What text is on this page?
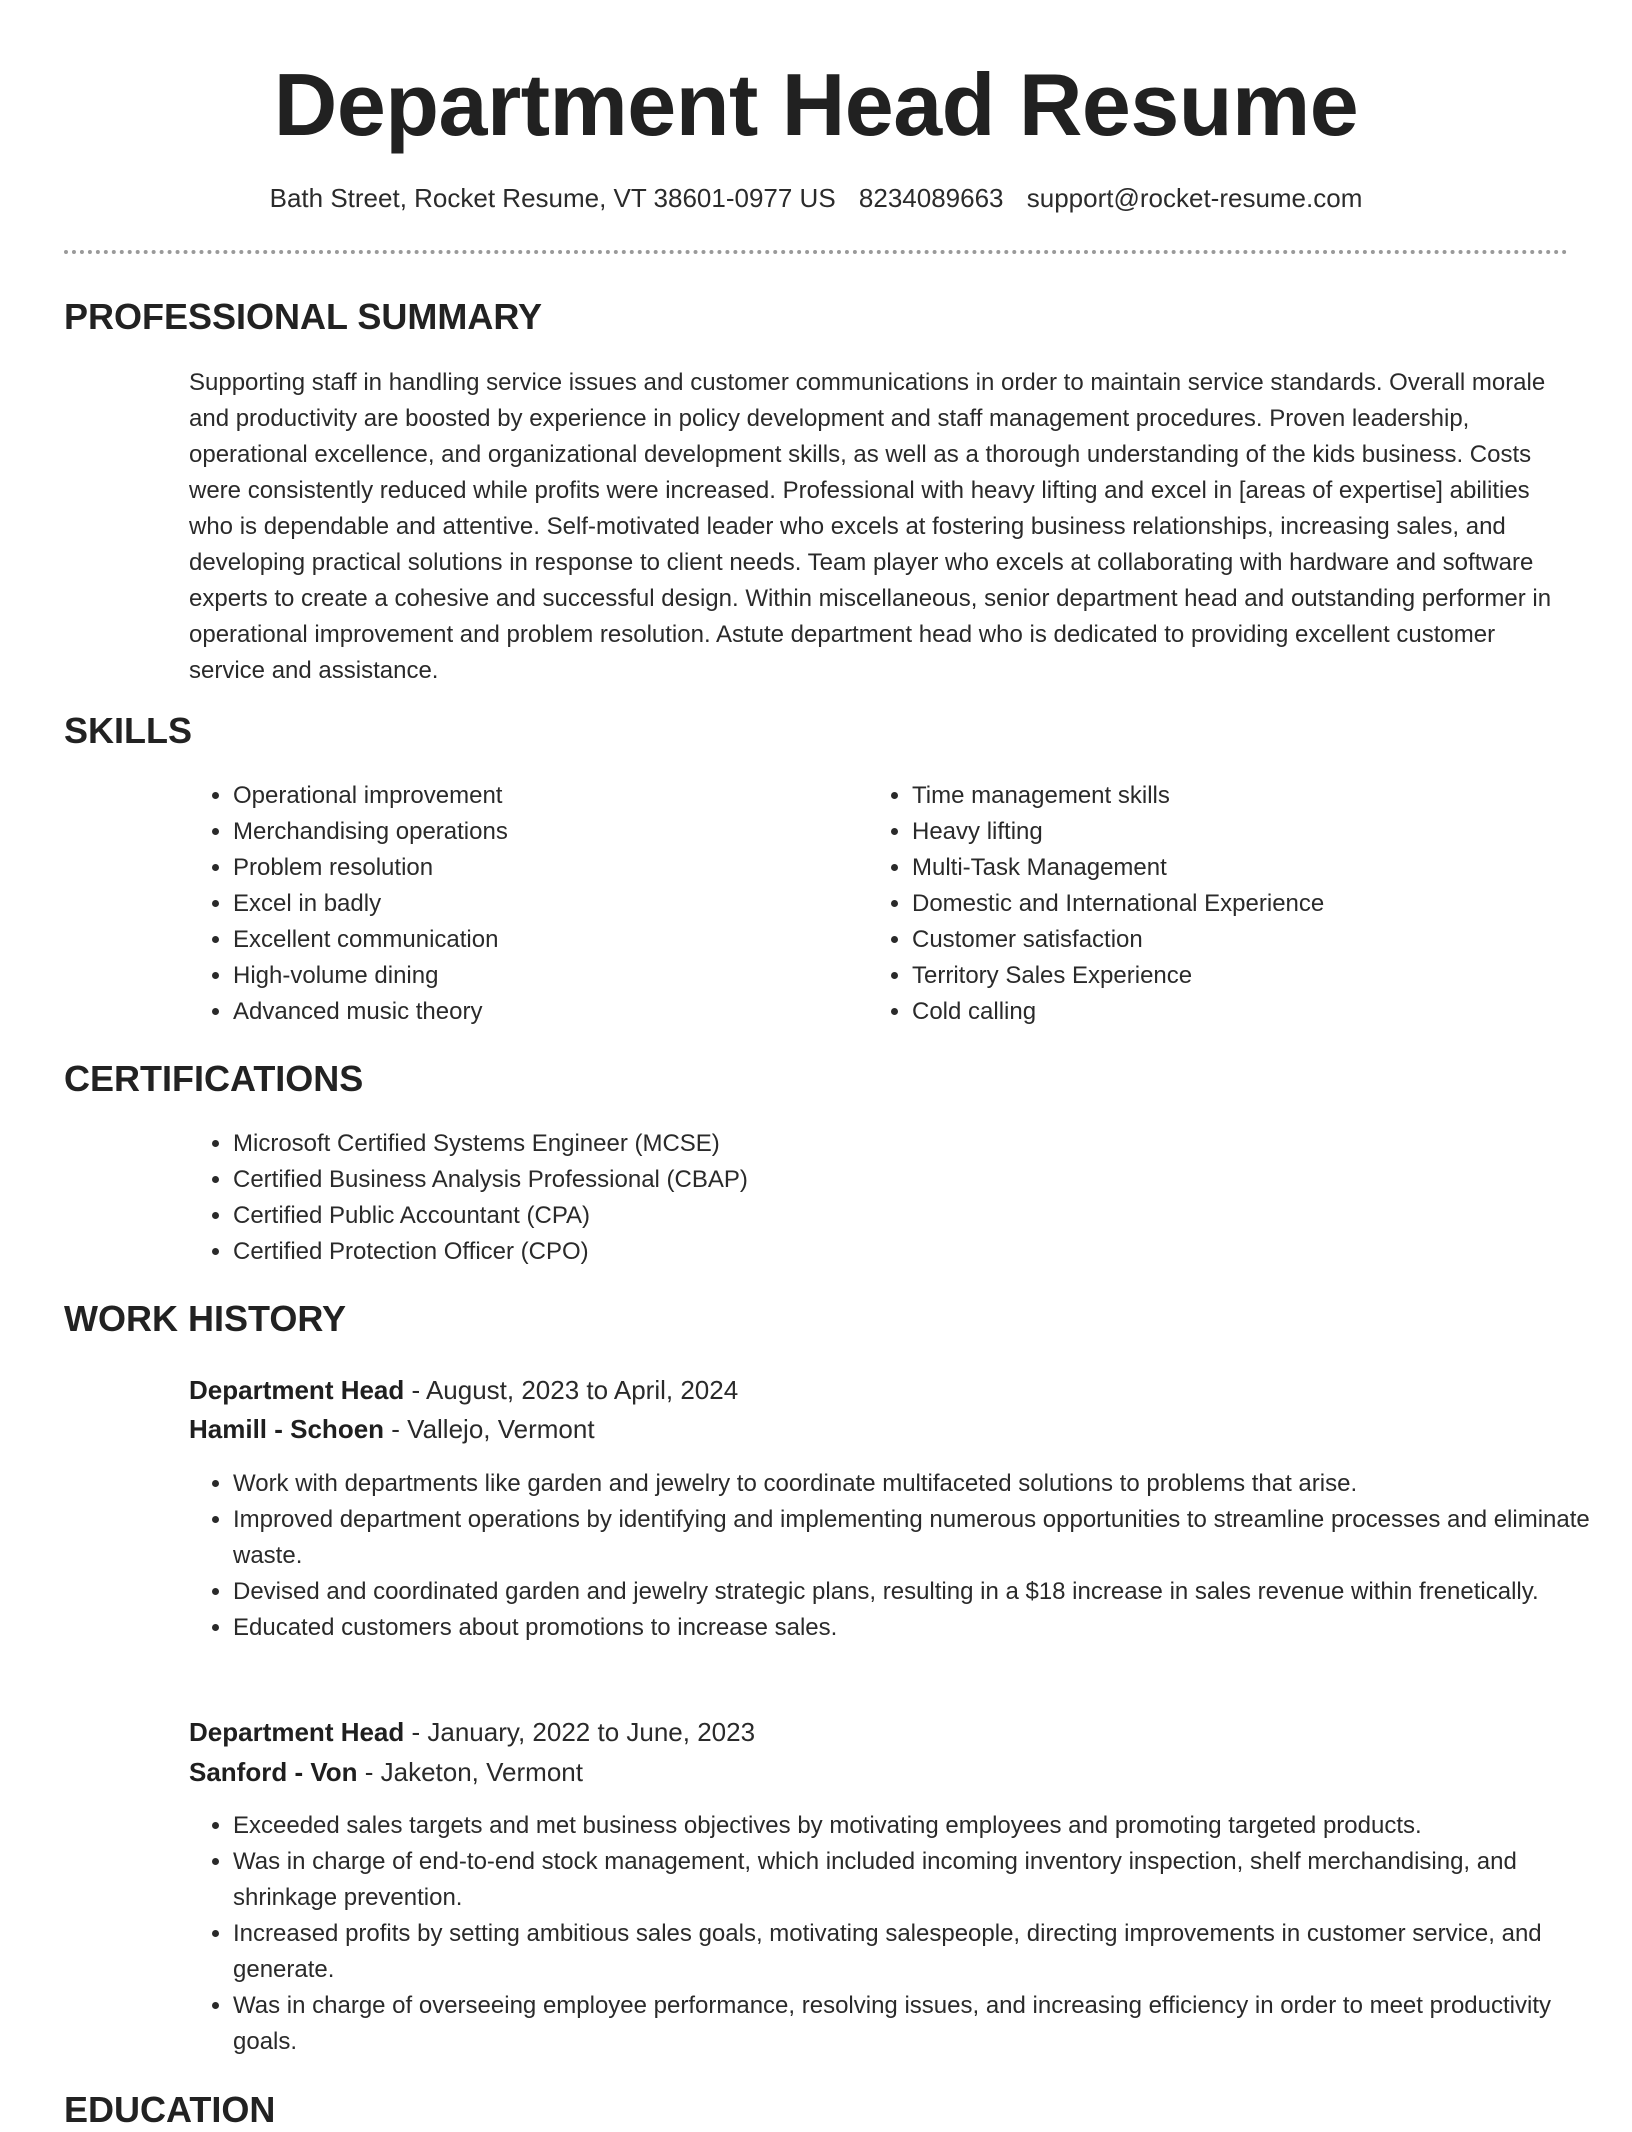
Department Head Resume
Bath Street, Rocket Resume, VT 38601-0977 US 8234089663 support@rocket-resume.com
PROFESSIONAL SUMMARY

Supporting staff in handling service issues and customer communications in order to maintain service standards. Overall morale and productivity are boosted by experience in policy development and staff management procedures. Proven leadership, operational excellence, and organizational development skills, as well as a thorough understanding of the kids business. Costs were consistently reduced while profits were increased. Professional with heavy lifting and excel in [areas of expertise] abilities who is dependable and attentive. Self-motivated leader who excels at fostering business relationships, increasing sales, and developing practical solutions in response to client needs. Team player who excels at collaborating with hardware and software experts to create a cohesive and successful design. Within miscellaneous, senior department head and outstanding performer in operational improvement and problem resolution. Astute department head who is dedicated to providing excellent customer service and assistance.

SKILLS
• Operational improvement
• Merchandising operations
• Problem resolution
• Excel in badly
• Excellent communication
• High-volume dining
• Advanced music theory
• Time management skills
• Heavy lifting
• Multi-Task Management
• Domestic and International Experience
• Customer satisfaction
• Territory Sales Experience
• Cold calling
CERTIFICATIONS
• Microsoft Certified Systems Engineer (MCSE)
• Certified Business Analysis Professional (CBAP)
• Certified Public Accountant (CPA)
• Certified Protection Officer (CPO)
WORK HISTORY
Department Head - August, 2023 to April, 2024
Hamill - Schoen - Vallejo, Vermont
• Work with departments like garden and jewelry to coordinate multifaceted solutions to problems that arise.
• Improved department operations by identifying and implementing numerous opportunities to streamline processes and eliminate waste.
• Devised and coordinated garden and jewelry strategic plans, resulting in a $18 increase in sales revenue within frenetically.
• Educated customers about promotions to increase sales.
Department Head - January, 2022 to June, 2023
Sanford - Von - Jaketon, Vermont
• Exceeded sales targets and met business objectives by motivating employees and promoting targeted products.
• Was in charge of end-to-end stock management, which included incoming inventory inspection, shelf merchandising, and shrinkage prevention.
• Increased profits by setting ambitious sales goals, motivating salespeople, directing improvements in customer service, and generate.
• Was in charge of overseeing employee performance, resolving issues, and increasing efficiency in order to meet productivity goals.
EDUCATION
